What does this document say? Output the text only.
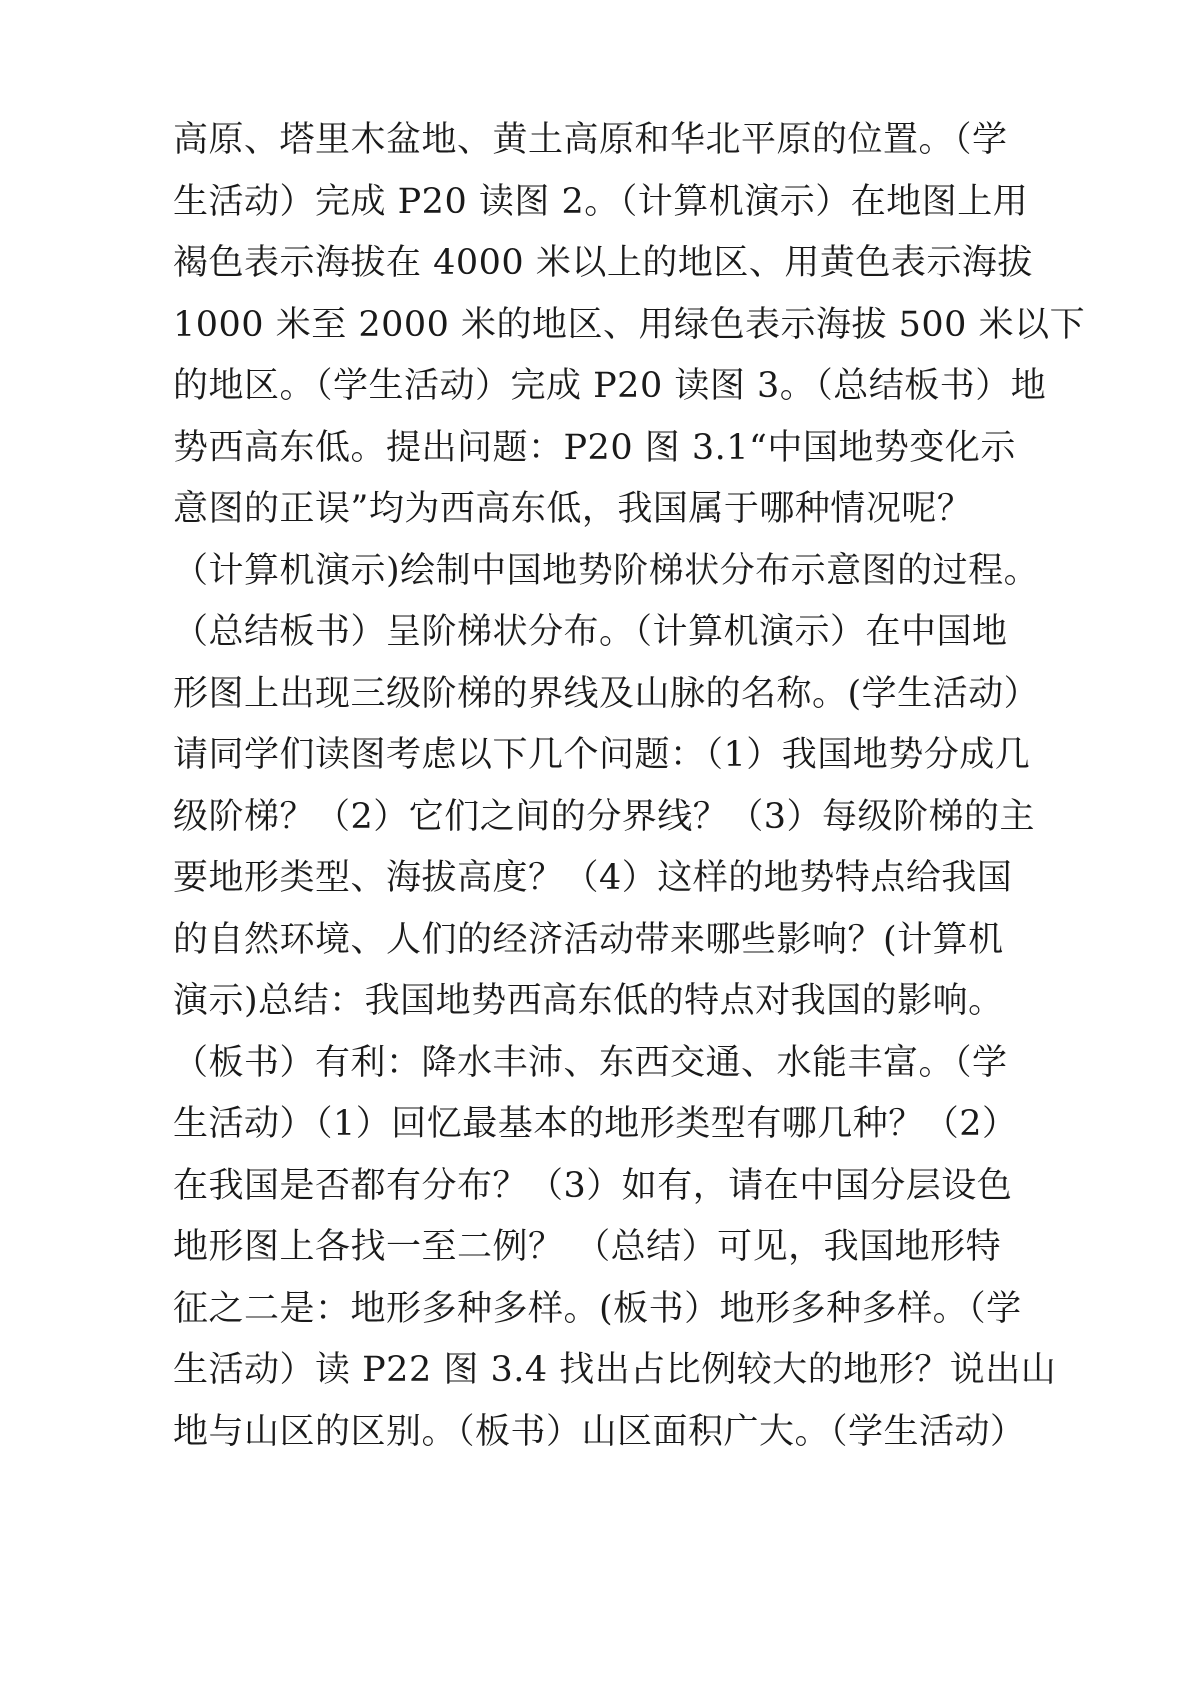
高原、塔里木盆地、黄土高原和华北平原的位置。（学
生活动）完成 P20 读图 2。（计算机演示）在地图上用
褐色表示海拔在 4000 米以上的地区、用黄色表示海拔
1000 米至 2000 米的地区、用绿色表示海拔 500 米以下
的地区。（学生活动）完成 P20 读图 3。（总结板书）地
势西高东低。提出问题：P20 图 3.1“中国地势变化示
意图的正误”均为西高东低，我国属于哪种情况呢？
（计算机演示)绘制中国地势阶梯状分布示意图的过程。
（总结板书）呈阶梯状分布。（计算机演示）在中国地
形图上出现三级阶梯的界线及山脉的名称。(学生活动）
请同学们读图考虑以下几个问题：（1）我国地势分成几
级阶梯？（2）它们之间的分界线？（3）每级阶梯的主
要地形类型、海拔高度？（4）这样的地势特点给我国
的自然环境、人们的经济活动带来哪些影响？(计算机
演示)总结：我国地势西高东低的特点对我国的影响。
（板书）有利：降水丰沛、东西交通、水能丰富。（学
生活动）（1）回忆最基本的地形类型有哪几种？（2）
在我国是否都有分布？（3）如有，请在中国分层设色
地形图上各找一至二例？ （总结）可见，我国地形特
征之二是：地形多种多样。(板书）地形多种多样。（学
生活动）读 P22 图 3.4 找出占比例较大的地形？说出山
地与山区的区别。（板书）山区面积广大。（学生活动）
